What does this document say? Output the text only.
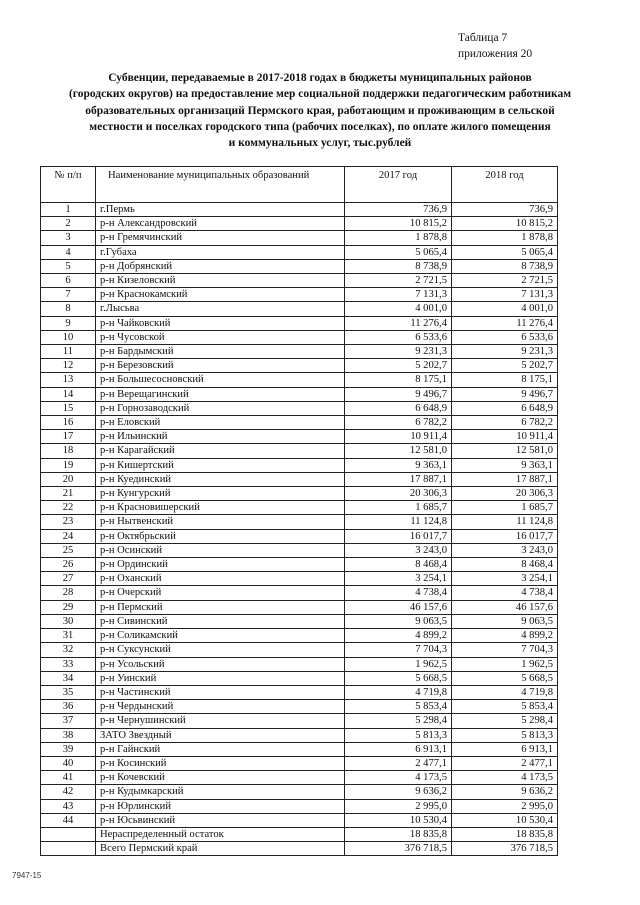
Таблица 7
приложения 20
Субвенции, передаваемые в 2017-2018 годах в бюджеты муниципальных районов
(городских округов) на предоставление мер социальной поддержки педагогическим работникам
образовательных организаций Пермского края, работающим и проживающим в сельской
местности и поселках городского типа (рабочих поселках), по оплате жилого помещения
и коммунальных услуг, тыс.рублей
№ п/п	Наименование муниципальных образований	2017 год	2018 год
1	г.Пермь	736,9	736,9
2	р-н Александровский	10 815,2	10 815,2
3	р-н Гремячинский	1 878,8	1 878,8
4	г.Губаха	5 065,4	5 065,4
5	р-н Добрянский	8 738,9	8 738,9
6	р-н Кизеловский	2 721,5	2 721,5
7	р-н Краснокамский	7 131,3	7 131,3
8	г.Лысьва	4 001,0	4 001,0
9	р-н Чайковский	11 276,4	11 276,4
10	р-н Чусовской	6 533,6	6 533,6
11	р-н Бардымский	9 231,3	9 231,3
12	р-н Березовский	5 202,7	5 202,7
13	р-н Большесосновский	8 175,1	8 175,1
14	р-н Верещагинский	9 496,7	9 496,7
15	р-н Горнозаводский	6 648,9	6 648,9
16	р-н Еловский	6 782,2	6 782,2
17	р-н Ильинский	10 911,4	10 911,4
18	р-н Карагайский	12 581,0	12 581,0
19	р-н Кишертский	9 363,1	9 363,1
20	р-н Куединский	17 887,1	17 887,1
21	р-н Кунгурский	20 306,3	20 306,3
22	р-н Красновишерский	1 685,7	1 685,7
23	р-н Нытвенский	11 124,8	11 124,8
24	р-н Октябрьский	16 017,7	16 017,7
25	р-н Осинский	3 243,0	3 243,0
26	р-н Ординский	8 468,4	8 468,4
27	р-н Оханский	3 254,1	3 254,1
28	р-н Очерский	4 738,4	4 738,4
29	р-н Пермский	46 157,6	46 157,6
30	р-н Сивинский	9 063,5	9 063,5
31	р-н Соликамский	4 899,2	4 899,2
32	р-н Суксунский	7 704,3	7 704,3
33	р-н Усольский	1 962,5	1 962,5
34	р-н Уинский	5 668,5	5 668,5
35	р-н Частинский	4 719,8	4 719,8
36	р-н Чердынский	5 853,4	5 853,4
37	р-н Чернушинский	5 298,4	5 298,4
38	ЗАТО Звездный	5 813,3	5 813,3
39	р-н Гайнский	6 913,1	6 913,1
40	р-н Косинский	2 477,1	2 477,1
41	р-н Кочевский	4 173,5	4 173,5
42	р-н Кудымкарский	9 636,2	9 636,2
43	р-н Юрлинский	2 995,0	2 995,0
44	р-н Юсьвинский	10 530,4	10 530,4
	Нераспределенный остаток	18 835,8	18 835,8
	Всего Пермский край	376 718,5	376 718,5
7947-15
